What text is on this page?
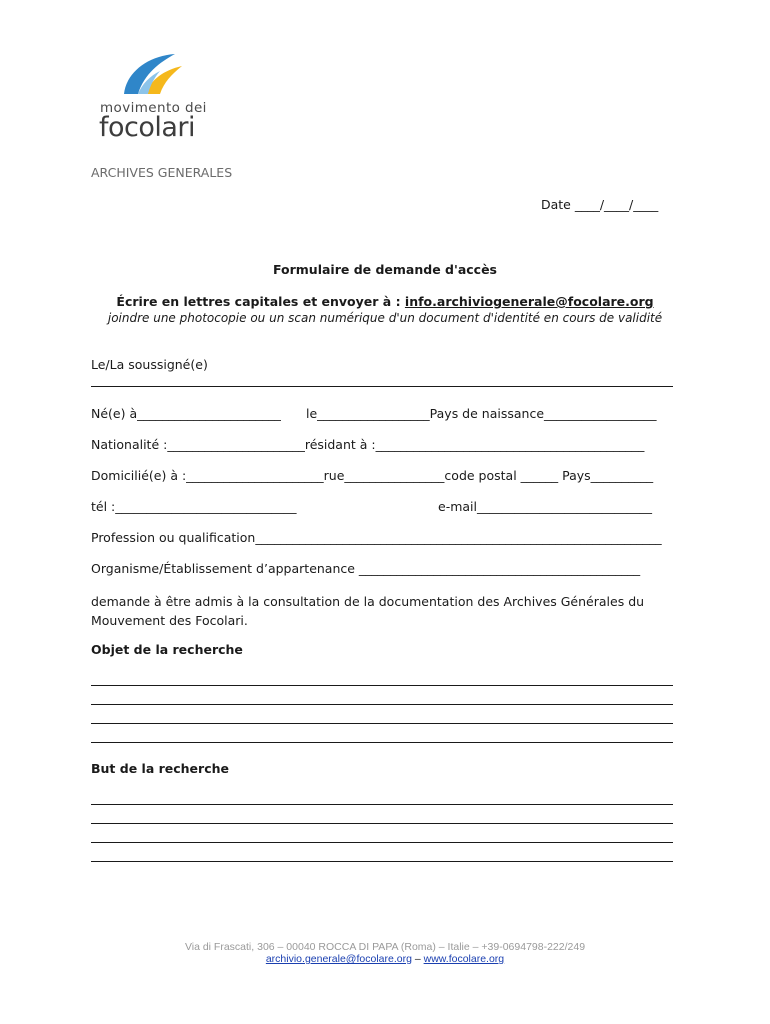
movimento dei
focolari
ARCHIVES GENERALES
Date ____/____/____
Formulaire de demande d'accès
Écrire en lettres capitales et envoyer à : info.archiviogenerale@focolare.org
joindre une photocopie ou un scan numérique d'un document d'identité en cours de validité
Le/La soussigné(e)
Né(e) à_______________________ le__________________Pays de naissance__________________
Nationalité :______________________résidant à :___________________________________________
Domicilié(e) à :______________________rue________________code postal ______ Pays__________
tél :_____________________________	e-mail____________________________
Profession ou qualification_________________________________________________________________
Organisme/Établissement d’appartenance _____________________________________________
demande à être admis à la consultation de la documentation des Archives Générales du Mouvement des Focolari.
Objet de la recherche
But de la recherche
Via di Frascati, 306 – 00040 ROCCA DI PAPA (Roma) – Italie – +39-0694798-222/249
archivio.generale@focolare.org – www.focolare.org
